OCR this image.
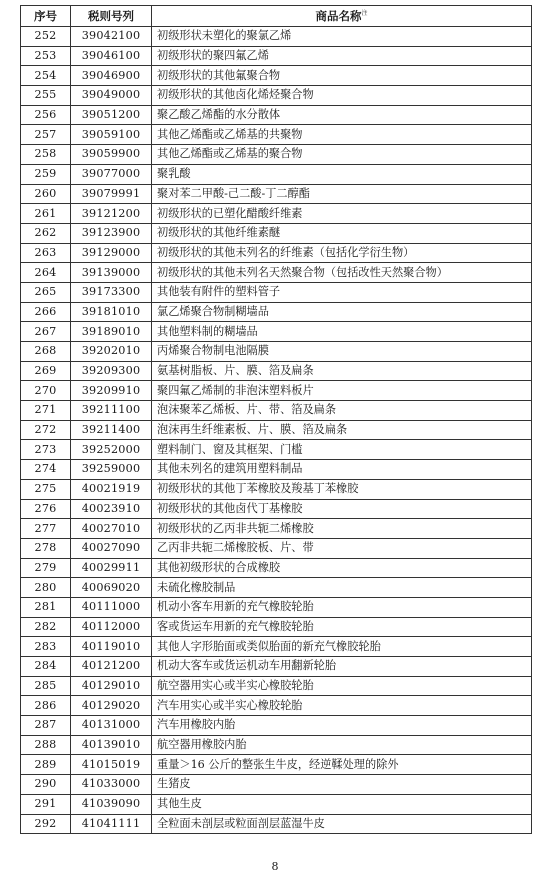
序号	税则号列	商品名称$^注$
252	39042100	初级形状未塑化的聚氯乙烯
253	39046100	初级形状的聚四氟乙烯
254	39046900	初级形状的其他氟聚合物
255	39049000	初级形状的其他卤化烯烃聚合物
256	39051200	聚乙酸乙烯酯的水分散体
257	39059100	其他乙烯酯或乙烯基的共聚物
258	39059900	其他乙烯酯或乙烯基的聚合物
259	39077000	聚乳酸
260	39079991	聚对苯二甲酸-己二酸-丁二醇酯
261	39121200	初级形状的已塑化醋酸纤维素
262	39123900	初级形状的其他纤维素醚
263	39129000	初级形状的其他未列名的纤维素（包括化学衍生物）
264	39139000	初级形状的其他未列名天然聚合物（包括改性天然聚合物）
265	39173300	其他装有附件的塑料管子
266	39181010	氯乙烯聚合物制糊墙品
267	39189010	其他塑料制的糊墙品
268	39202010	丙烯聚合物制电池隔膜
269	39209300	氨基树脂板、片、膜、箔及扁条
270	39209910	聚四氟乙烯制的非泡沫塑料板片
271	39211100	泡沫聚苯乙烯板、片、带、箔及扁条
272	39211400	泡沫再生纤维素板、片、膜、箔及扁条
273	39252000	塑料制门、窗及其框架、门槛
274	39259000	其他未列名的建筑用塑料制品
275	40021919	初级形状的其他丁苯橡胶及羧基丁苯橡胶
276	40023910	初级形状的其他卤代丁基橡胶
277	40027010	初级形状的乙丙非共轭二烯橡胶
278	40027090	乙丙非共轭二烯橡胶板、片、带
279	40029911	其他初级形状的合成橡胶
280	40069020	未硫化橡胶制品
281	40111000	机动小客车用新的充气橡胶轮胎
282	40112000	客或货运车用新的充气橡胶轮胎
283	40119010	其他人字形胎面或类似胎面的新充气橡胶轮胎
284	40121200	机动大客车或货运机动车用翻新轮胎
285	40129010	航空器用实心或半实心橡胶轮胎
286	40129020	汽车用实心或半实心橡胶轮胎
287	40131000	汽车用橡胶内胎
288	40139010	航空器用橡胶内胎
289	41015019	重量＞16 公斤的整张生牛皮，经逆鞣处理的除外
290	41033000	生猪皮
291	41039090	其他生皮
292	41041111	全粒面未剖层或粒面剖层蓝湿牛皮
8
